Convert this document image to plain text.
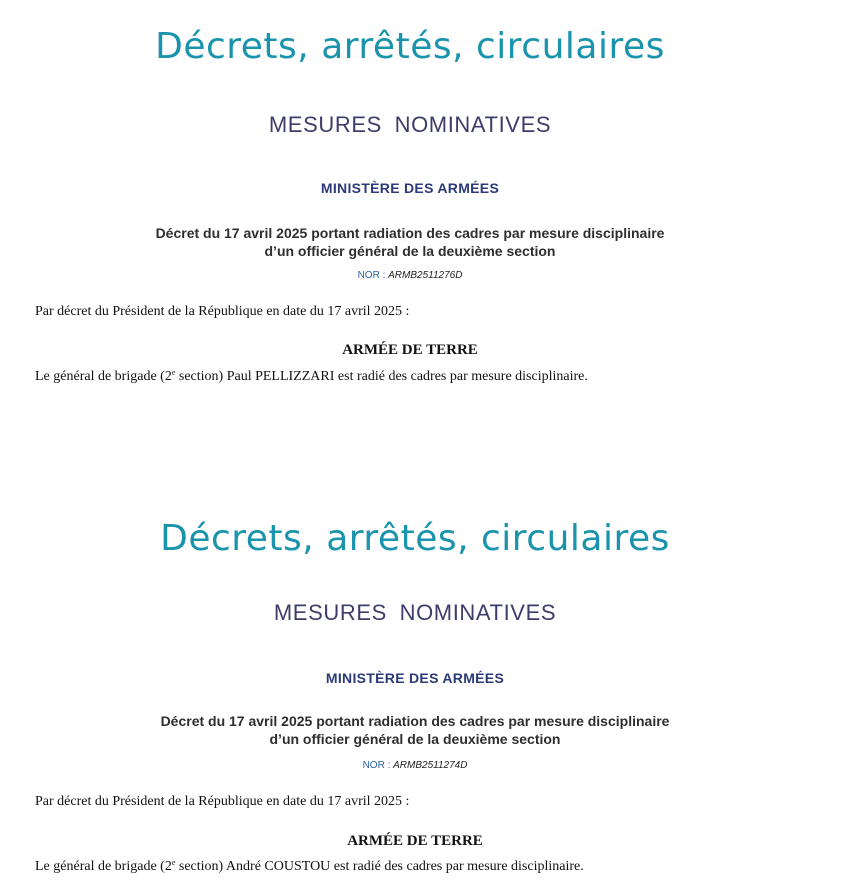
Décrets, arrêtés, circulaires
MESURES NOMINATIVES
MINISTÈRE DES ARMÉES
Décret du 17 avril 2025 portant radiation des cadres par mesure disciplinaire
d’un officier général de la deuxième section
NOR : ARMB2511276D
Par décret du Président de la République en date du 17 avril 2025 :
ARMÉE DE TERRE
Le général de brigade (2e section) Paul PELLIZZARI est radié des cadres par mesure disciplinaire.
Décrets, arrêtés, circulaires
MESURES NOMINATIVES
MINISTÈRE DES ARMÉES
Décret du 17 avril 2025 portant radiation des cadres par mesure disciplinaire
d’un officier général de la deuxième section
NOR : ARMB2511274D
Par décret du Président de la République en date du 17 avril 2025 :
ARMÉE DE TERRE
Le général de brigade (2e section) André COUSTOU est radié des cadres par mesure disciplinaire.
